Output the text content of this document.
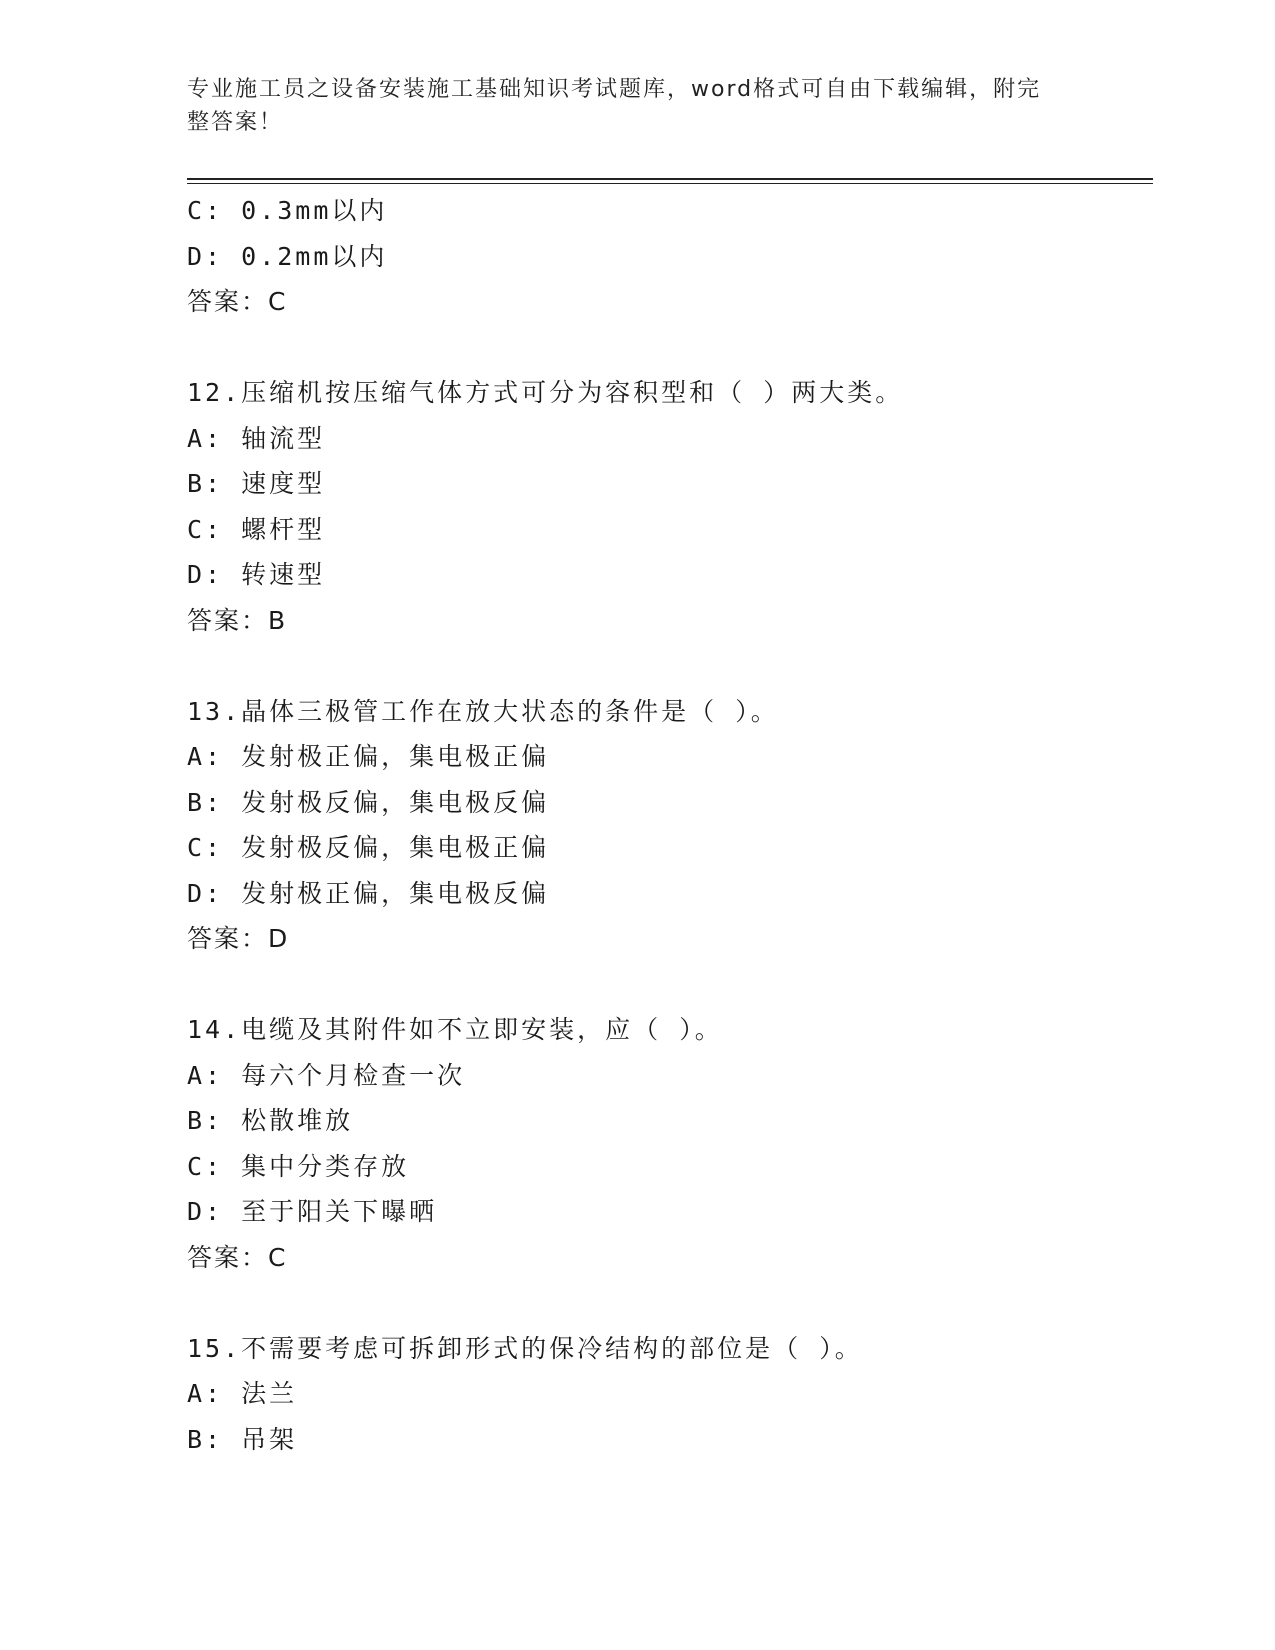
专业施工员之设备安装施工基础知识考试题库，word格式可自由下载编辑，附完
整答案！
C: 0.3mm以内
D: 0.2mm以内
答案：C
12.压缩机按压缩气体方式可分为容积型和（ ）两大类。
A: 轴流型
B: 速度型
C: 螺杆型
D: 转速型
答案：B
13.晶体三极管工作在放大状态的条件是（ ）。
A: 发射极正偏，集电极正偏
B: 发射极反偏，集电极反偏
C: 发射极反偏，集电极正偏
D: 发射极正偏，集电极反偏
答案：D
14.电缆及其附件如不立即安装，应（ ）。
A: 每六个月检查一次
B: 松散堆放
C: 集中分类存放
D: 至于阳关下曝晒
答案：C
15.不需要考虑可拆卸形式的保冷结构的部位是（ ）。
A: 法兰
B: 吊架
